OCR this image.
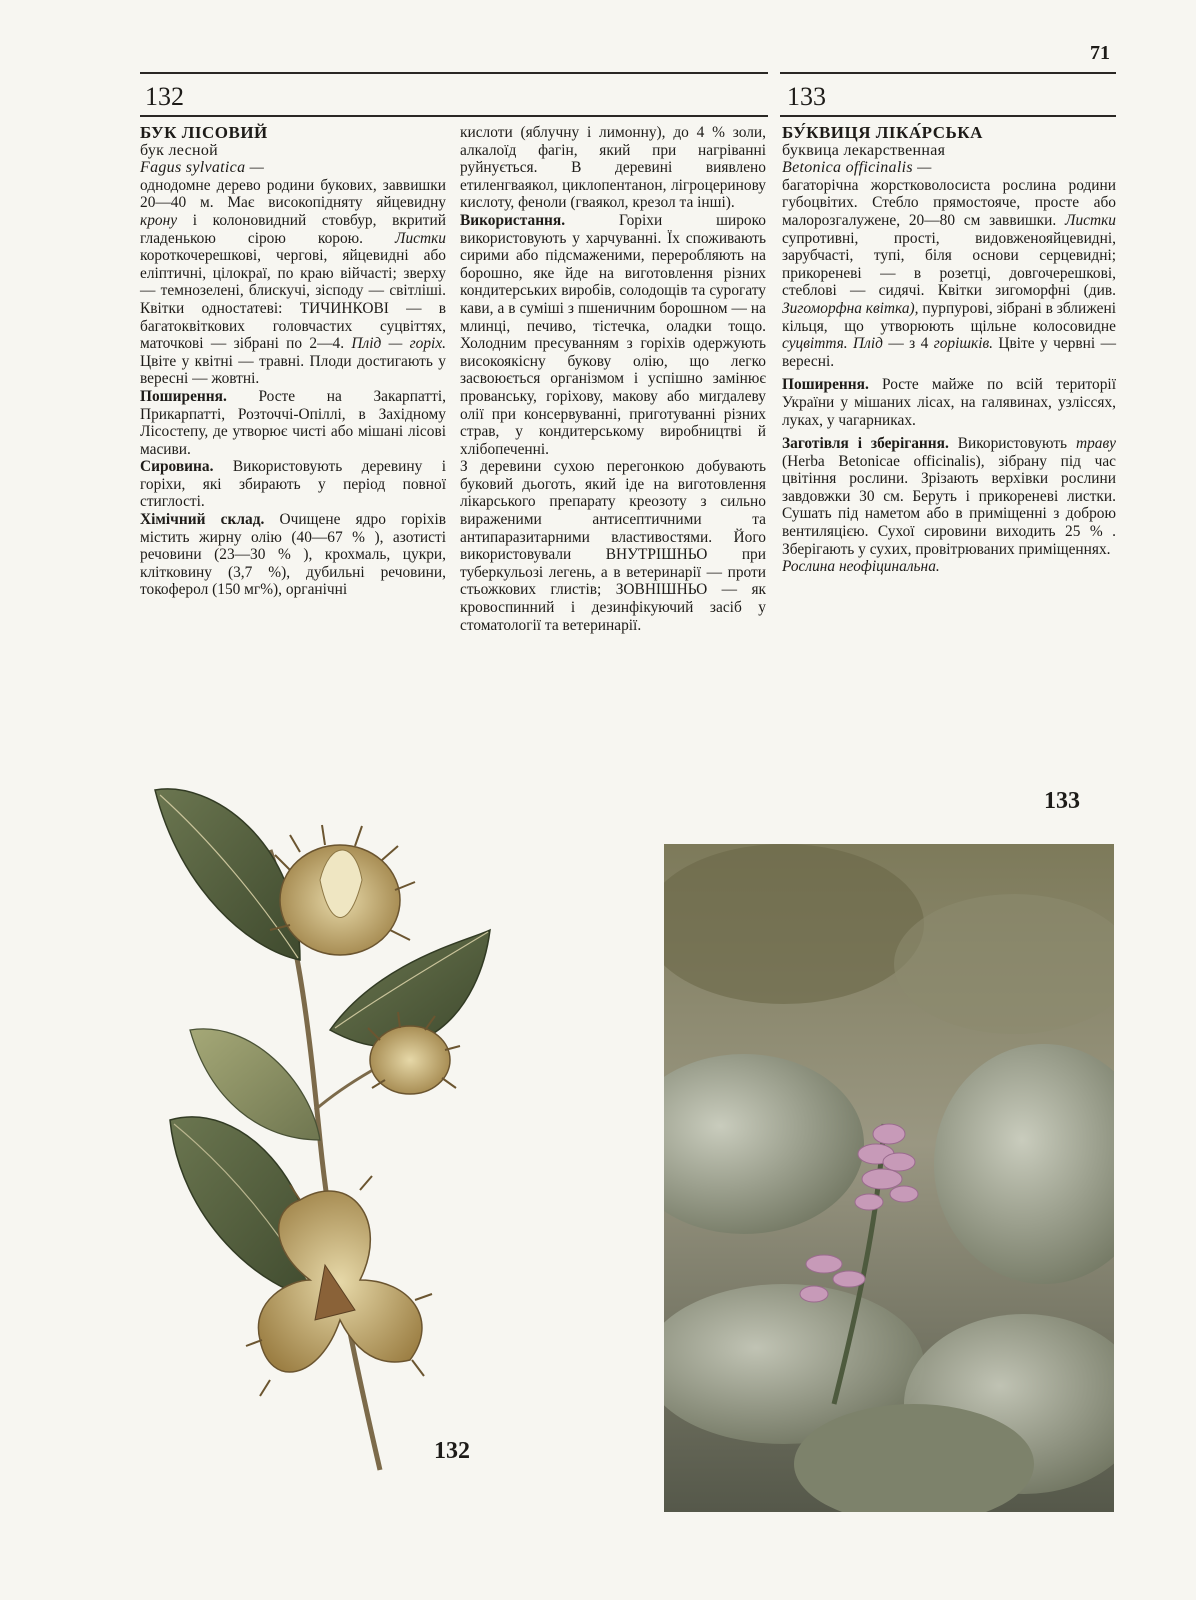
71
132	133

БУК ЛІСОВИЙ

бук лесной

Fagus sylvatica —

однодомне дерево родини букових, заввишки 20—40 м. Має високопідняту яйцевидну крону і колоновидний стовбур, вкритий гладенькою сірою корою. Листки короткочерешкові, чергові, яйцевидні або еліптичні, цілокраї, по краю війчасті; зверху — темнозелені, блискучі, зісподу — світліші. Квітки одностатеві: ТИЧИНКОВІ — в багатоквіткових головчастих суцвіттях, маточкові — зібрані по 2—4. Плід — горіх. Цвіте у квітні — травні. Плоди достигають у вересні — жовтні.

Поширення. Росте на Закарпатті, Прикарпатті, Розточчі-Опіллі, в Західному Лісостепу, де утворює чисті або мішані лісові масиви.

Сировина. Використовують деревину і горіхи, які збирають у період повної стиглості.

Хімічний склад. Очищене ядро горіхів містить жирну олію (40—67 % ), азотисті речовини (23—30 % ), крохмаль, цукри, клітковину (3,7 %), дубильні речовини, токоферол (150 мг%), органічні

кислоти (яблучну і лимонну), до 4 % золи, алкалоїд фагін, який при нагріванні руйнується. В деревині виявлено етиленгваякол, циклопентанон, лігроцеринову кислоту, феноли (гваякол, крезол та інші).

Використання. Горіхи широко використовують у харчуванні. Їх споживають сирими або підсмаженими, переробляють на борошно, яке йде на виготовлення різних кондитерських виробів, солодощів та сурогату кави, а в суміші з пшеничним борошном — на млинці, печиво, тістечка, оладки тощо. Холодним пресуванням з горіхів одержують високоякісну букову олію, що легко засвоюється організмом і успішно замінює прованську, горіхову, макову або мигдалеву олії при консервуванні, приготуванні різних страв, у кондитерському виробництві й хлібопеченні.

З деревини сухою перегонкою добувають буковий дьоготь, який іде на виготовлення лікарського препарату креозоту з сильно вираженими антисептичними та антипаразитарними властивостями. Його використовували ВНУТРІШНЬО при туберкульозі легень, а в ветеринарії — проти стьожкових глистів; ЗОВНІШНЬО — як кровоспинний і дезинфікуючий засіб у стоматології та ветеринарії.

БУ́КВИЦЯ ЛІКА́РСЬКА

буквица лекарственная

Betonica officinalis —

багаторічна жорстковолосиста рослина родини губоцвітих. Стебло прямостояче, просте або малорозгалужене, 20—80 см заввишки. Листки супротивні, прості, видовженояйцевидні, зарубчасті, тупі, біля основи серцевидні; прикореневі — в розетці, довгочерешкові, стеблові — сидячі. Квітки зигоморфні (див. Зигоморфна квітка), пурпурові, зібрані в зближені кільця, що утворюють щільне колосовидне суцвіття. Плід — з 4 горішків. Цвіте у червні — вересні.

Поширення. Росте майже по всій території України у мішаних лісах, на галявинах, узліссях, луках, у чагарниках.

Заготівля і зберігання. Використовують траву (Herba Betonicae officinalis), зібрану під час цвітіння рослини. Зрізають верхівки рослини завдовжки 30 см. Беруть і прикореневі листки. Сушать під наметом або в приміщенні з доброю вентиляцією. Сухої сировини виходить 25 % . Зберігають у сухих, провітрюваних приміщеннях.

Рослина неофіцинальна.

132
133
